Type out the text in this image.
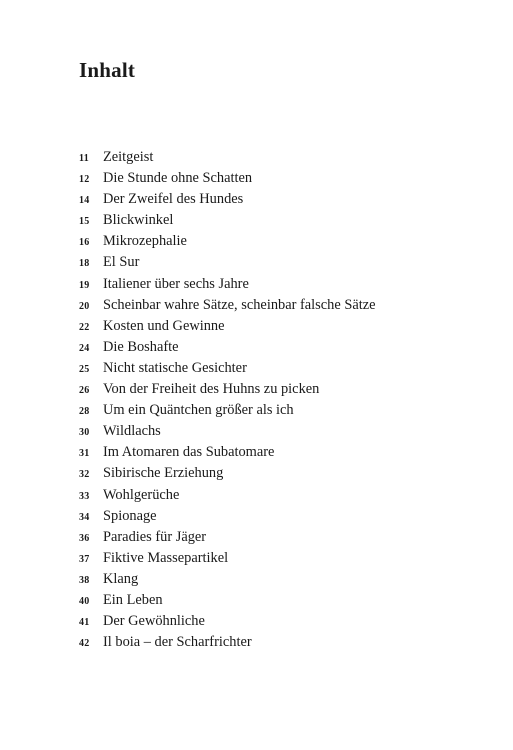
Inhalt
11 Zeitgeist
12 Die Stunde ohne Schatten
14 Der Zweifel des Hundes
15 Blickwinkel
16 Mikrozephalie
18 El Sur
19 Italiener über sechs Jahre
20 Scheinbar wahre Sätze, scheinbar falsche Sätze
22 Kosten und Gewinne
24 Die Boshafte
25 Nicht statische Gesichter
26 Von der Freiheit des Huhns zu picken
28 Um ein Quäntchen größer als ich
30 Wildlachs
31 Im Atomaren das Subatomare
32 Sibirische Erziehung
33 Wohlgerüche
34 Spionage
36 Paradies für Jäger
37 Fiktive Massepartikel
38 Klang
40 Ein Leben
41 Der Gewöhnliche
42 Il boia – der Scharfrichter
